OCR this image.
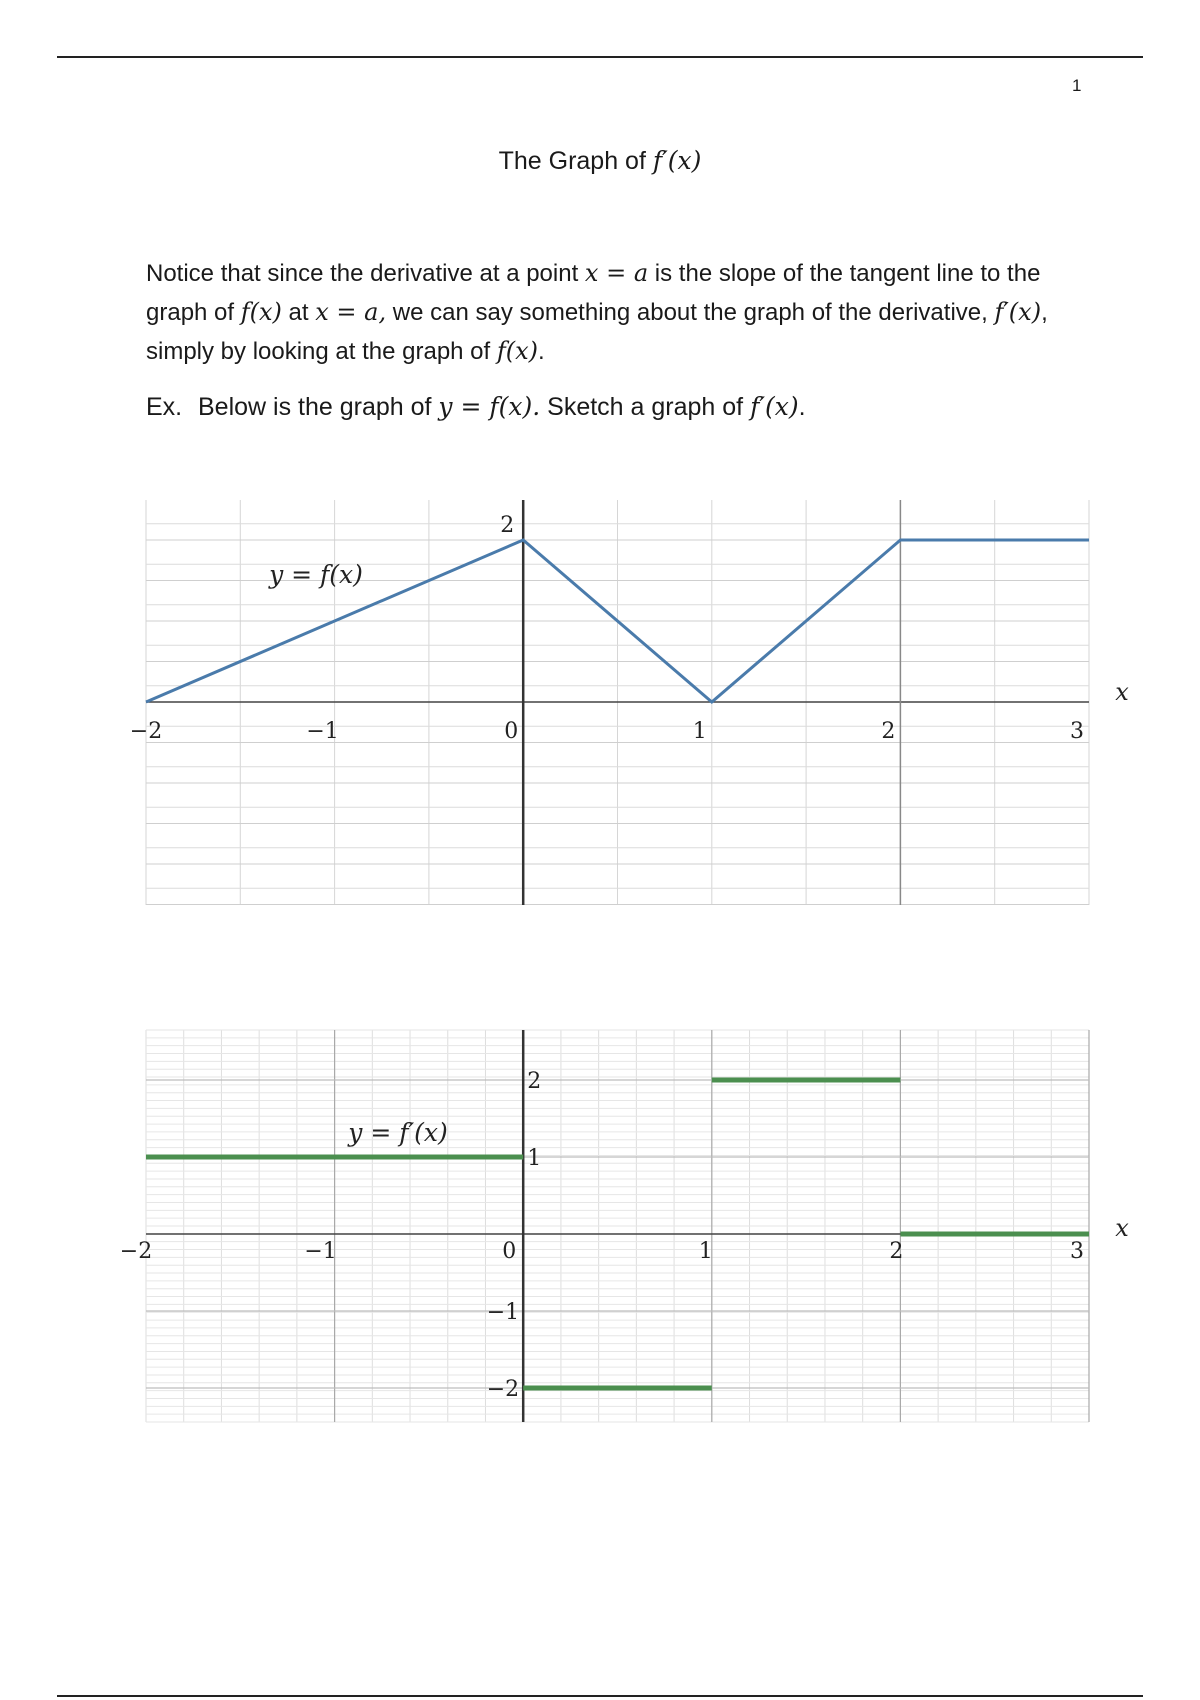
1
The Graph of f′(x)
Notice that since the derivative at a point x = a is the slope of the tangent line to the graph of f(x) at x = a, we can say something about the graph of the derivative, f′(x), simply by looking at the graph of f(x).
Ex. Below is the graph of y = f(x). Sketch a graph of f′(x).
−2	−1	0	1	2	3
2
x
y = f(x)
−2	−1	0	1	2	3
2
1
−1
−2
x
y = f′(x)
